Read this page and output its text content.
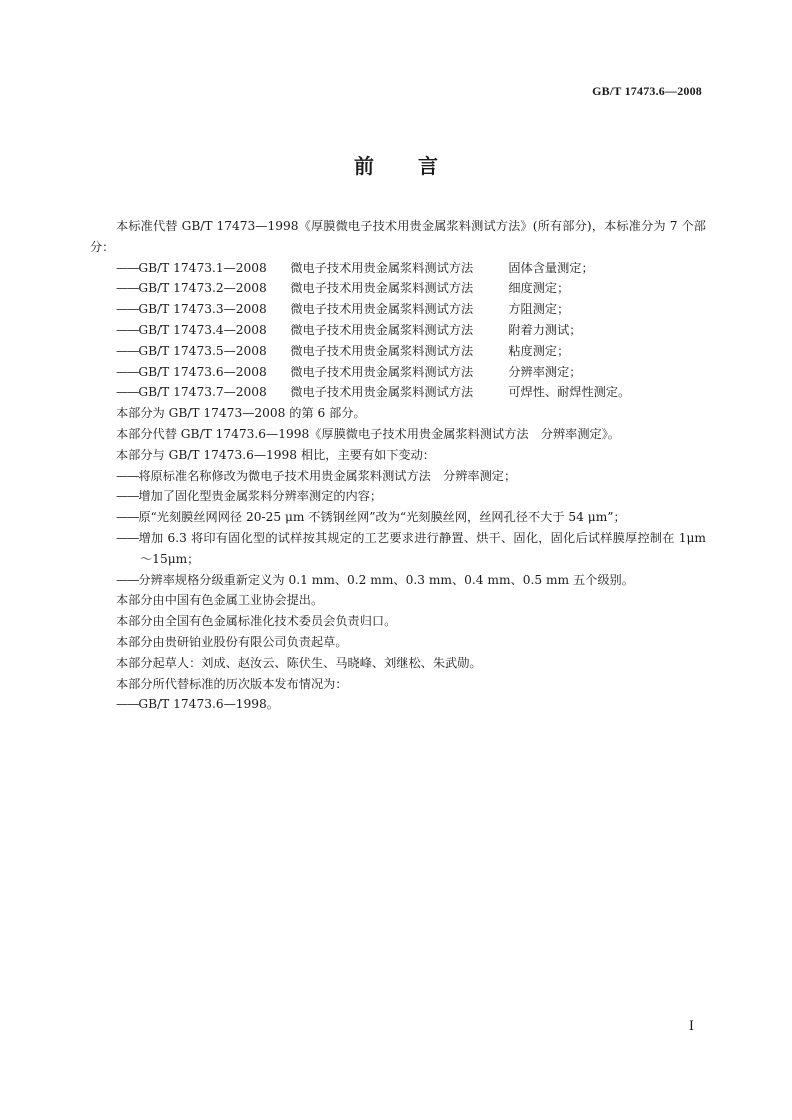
GB/T 17473.6—2008
前言

本标准代替 GB/T 17473—1998《厚膜微电子技术用贵金属浆料测试方法》(所有部分)，本标准分为 7 个部分：

——GB/T 17473.1—2008 微电子技术用贵金属浆料测试方法	固体含量测定；

——GB/T 17473.2—2008 微电子技术用贵金属浆料测试方法	细度测定；

——GB/T 17473.3—2008 微电子技术用贵金属浆料测试方法	方阻测定；

——GB/T 17473.4—2008 微电子技术用贵金属浆料测试方法	附着力测试；

——GB/T 17473.5—2008 微电子技术用贵金属浆料测试方法	粘度测定；

——GB/T 17473.6—2008 微电子技术用贵金属浆料测试方法	分辨率测定；

——GB/T 17473.7—2008 微电子技术用贵金属浆料测试方法	可焊性、耐焊性测定。

本部分为 GB/T 17473—2008 的第 6 部分。

本部分代替 GB/T 17473.6—1998《厚膜微电子技术用贵金属浆料测试方法　分辨率测定》。

本部分与 GB/T 17473.6—1998 相比，主要有如下变动：

——将原标准名称修改为微电子技术用贵金属浆料测试方法　分辨率测定；

——增加了固化型贵金属浆料分辨率测定的内容；

——原“光刻膜丝网网径 20-25 μm 不锈钢丝网”改为“光刻膜丝网，丝网孔径不大于 54 μm”；

——增加 6.3 将印有固化型的试样按其规定的工艺要求进行静置、烘干、固化，固化后试样膜厚控制在 1μm～15μm；

——分辨率规格分级重新定义为 0.1 mm、0.2 mm、0.3 mm、0.4 mm、0.5 mm 五个级别。

本部分由中国有色金属工业协会提出。

本部分由全国有色金属标准化技术委员会负责归口。

本部分由贵研铂业股份有限公司负责起草。

本部分起草人：刘成、赵汝云、陈伏生、马晓峰、刘继松、朱武勋。

本部分所代替标准的历次版本发布情况为：

——GB/T 17473.6—1998。

I
